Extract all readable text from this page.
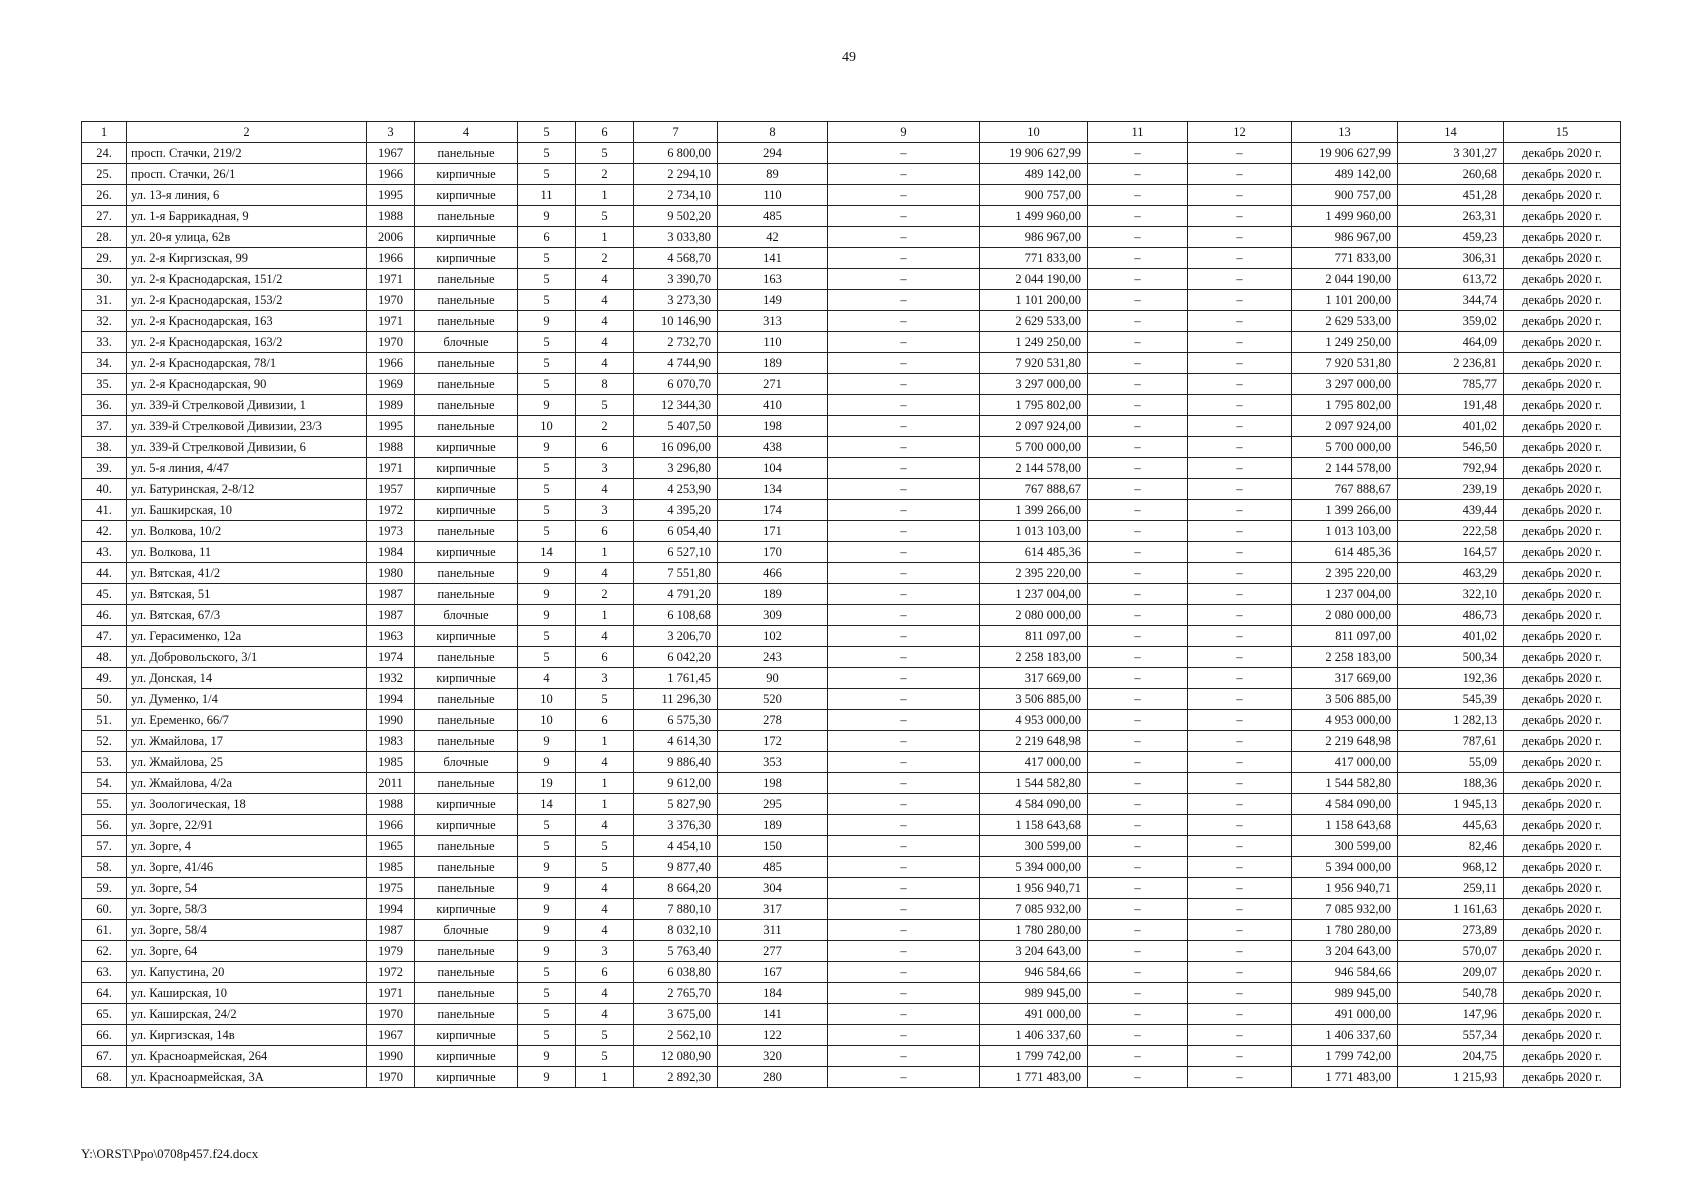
49
1	2	3	4	5	6	7	8	9	10	11	12	13	14	15
24.	просп. Стачки, 219/2	1967	панельные	5	5	6 800,00	294	–	19 906 627,99	–	–	19 906 627,99	3 301,27	декабрь 2020 г.
25.	просп. Стачки, 26/1	1966	кирпичные	5	2	2 294,10	89	–	489 142,00	–	–	489 142,00	260,68	декабрь 2020 г.
26.	ул. 13-я линия, 6	1995	кирпичные	11	1	2 734,10	110	–	900 757,00	–	–	900 757,00	451,28	декабрь 2020 г.
27.	ул. 1-я Баррикадная, 9	1988	панельные	9	5	9 502,20	485	–	1 499 960,00	–	–	1 499 960,00	263,31	декабрь 2020 г.
28.	ул. 20-я улица, 62в	2006	кирпичные	6	1	3 033,80	42	–	986 967,00	–	–	986 967,00	459,23	декабрь 2020 г.
29.	ул. 2-я Киргизская, 99	1966	кирпичные	5	2	4 568,70	141	–	771 833,00	–	–	771 833,00	306,31	декабрь 2020 г.
30.	ул. 2-я Краснодарская, 151/2	1971	панельные	5	4	3 390,70	163	–	2 044 190,00	–	–	2 044 190,00	613,72	декабрь 2020 г.
31.	ул. 2-я Краснодарская, 153/2	1970	панельные	5	4	3 273,30	149	–	1 101 200,00	–	–	1 101 200,00	344,74	декабрь 2020 г.
32.	ул. 2-я Краснодарская, 163	1971	панельные	9	4	10 146,90	313	–	2 629 533,00	–	–	2 629 533,00	359,02	декабрь 2020 г.
33.	ул. 2-я Краснодарская, 163/2	1970	блочные	5	4	2 732,70	110	–	1 249 250,00	–	–	1 249 250,00	464,09	декабрь 2020 г.
34.	ул. 2-я Краснодарская, 78/1	1966	панельные	5	4	4 744,90	189	–	7 920 531,80	–	–	7 920 531,80	2 236,81	декабрь 2020 г.
35.	ул. 2-я Краснодарская, 90	1969	панельные	5	8	6 070,70	271	–	3 297 000,00	–	–	3 297 000,00	785,77	декабрь 2020 г.
36.	ул. 339-й Стрелковой Дивизии, 1	1989	панельные	9	5	12 344,30	410	–	1 795 802,00	–	–	1 795 802,00	191,48	декабрь 2020 г.
37.	ул. 339-й Стрелковой Дивизии, 23/3	1995	панельные	10	2	5 407,50	198	–	2 097 924,00	–	–	2 097 924,00	401,02	декабрь 2020 г.
38.	ул. 339-й Стрелковой Дивизии, 6	1988	кирпичные	9	6	16 096,00	438	–	5 700 000,00	–	–	5 700 000,00	546,50	декабрь 2020 г.
39.	ул. 5-я линия, 4/47	1971	кирпичные	5	3	3 296,80	104	–	2 144 578,00	–	–	2 144 578,00	792,94	декабрь 2020 г.
40.	ул. Батуринская, 2-8/12	1957	кирпичные	5	4	4 253,90	134	–	767 888,67	–	–	767 888,67	239,19	декабрь 2020 г.
41.	ул. Башкирская, 10	1972	кирпичные	5	3	4 395,20	174	–	1 399 266,00	–	–	1 399 266,00	439,44	декабрь 2020 г.
42.	ул. Волкова, 10/2	1973	панельные	5	6	6 054,40	171	–	1 013 103,00	–	–	1 013 103,00	222,58	декабрь 2020 г.
43.	ул. Волкова, 11	1984	кирпичные	14	1	6 527,10	170	–	614 485,36	–	–	614 485,36	164,57	декабрь 2020 г.
44.	ул. Вятская, 41/2	1980	панельные	9	4	7 551,80	466	–	2 395 220,00	–	–	2 395 220,00	463,29	декабрь 2020 г.
45.	ул. Вятская, 51	1987	панельные	9	2	4 791,20	189	–	1 237 004,00	–	–	1 237 004,00	322,10	декабрь 2020 г.
46.	ул. Вятская, 67/3	1987	блочные	9	1	6 108,68	309	–	2 080 000,00	–	–	2 080 000,00	486,73	декабрь 2020 г.
47.	ул. Герасименко, 12а	1963	кирпичные	5	4	3 206,70	102	–	811 097,00	–	–	811 097,00	401,02	декабрь 2020 г.
48.	ул. Добровольского, 3/1	1974	панельные	5	6	6 042,20	243	–	2 258 183,00	–	–	2 258 183,00	500,34	декабрь 2020 г.
49.	ул. Донская, 14	1932	кирпичные	4	3	1 761,45	90	–	317 669,00	–	–	317 669,00	192,36	декабрь 2020 г.
50.	ул. Думенко, 1/4	1994	панельные	10	5	11 296,30	520	–	3 506 885,00	–	–	3 506 885,00	545,39	декабрь 2020 г.
51.	ул. Еременко, 66/7	1990	панельные	10	6	6 575,30	278	–	4 953 000,00	–	–	4 953 000,00	1 282,13	декабрь 2020 г.
52.	ул. Жмайлова, 17	1983	панельные	9	1	4 614,30	172	–	2 219 648,98	–	–	2 219 648,98	787,61	декабрь 2020 г.
53.	ул. Жмайлова, 25	1985	блочные	9	4	9 886,40	353	–	417 000,00	–	–	417 000,00	55,09	декабрь 2020 г.
54.	ул. Жмайлова, 4/2а	2011	панельные	19	1	9 612,00	198	–	1 544 582,80	–	–	1 544 582,80	188,36	декабрь 2020 г.
55.	ул. Зоологическая, 18	1988	кирпичные	14	1	5 827,90	295	–	4 584 090,00	–	–	4 584 090,00	1 945,13	декабрь 2020 г.
56.	ул. Зорге, 22/91	1966	кирпичные	5	4	3 376,30	189	–	1 158 643,68	–	–	1 158 643,68	445,63	декабрь 2020 г.
57.	ул. Зорге, 4	1965	панельные	5	5	4 454,10	150	–	300 599,00	–	–	300 599,00	82,46	декабрь 2020 г.
58.	ул. Зорге, 41/46	1985	панельные	9	5	9 877,40	485	–	5 394 000,00	–	–	5 394 000,00	968,12	декабрь 2020 г.
59.	ул. Зорге, 54	1975	панельные	9	4	8 664,20	304	–	1 956 940,71	–	–	1 956 940,71	259,11	декабрь 2020 г.
60.	ул. Зорге, 58/3	1994	кирпичные	9	4	7 880,10	317	–	7 085 932,00	–	–	7 085 932,00	1 161,63	декабрь 2020 г.
61.	ул. Зорге, 58/4	1987	блочные	9	4	8 032,10	311	–	1 780 280,00	–	–	1 780 280,00	273,89	декабрь 2020 г.
62.	ул. Зорге, 64	1979	панельные	9	3	5 763,40	277	–	3 204 643,00	–	–	3 204 643,00	570,07	декабрь 2020 г.
63.	ул. Капустина, 20	1972	панельные	5	6	6 038,80	167	–	946 584,66	–	–	946 584,66	209,07	декабрь 2020 г.
64.	ул. Каширская, 10	1971	панельные	5	4	2 765,70	184	–	989 945,00	–	–	989 945,00	540,78	декабрь 2020 г.
65.	ул. Каширская, 24/2	1970	панельные	5	4	3 675,00	141	–	491 000,00	–	–	491 000,00	147,96	декабрь 2020 г.
66.	ул. Киргизская, 14в	1967	кирпичные	5	5	2 562,10	122	–	1 406 337,60	–	–	1 406 337,60	557,34	декабрь 2020 г.
67.	ул. Красноармейская, 264	1990	кирпичные	9	5	12 080,90	320	–	1 799 742,00	–	–	1 799 742,00	204,75	декабрь 2020 г.
68.	ул. Красноармейская, 3А	1970	кирпичные	9	1	2 892,30	280	–	1 771 483,00	–	–	1 771 483,00	1 215,93	декабрь 2020 г.
Y:\ORST\Ppo\0708p457.f24.docx
